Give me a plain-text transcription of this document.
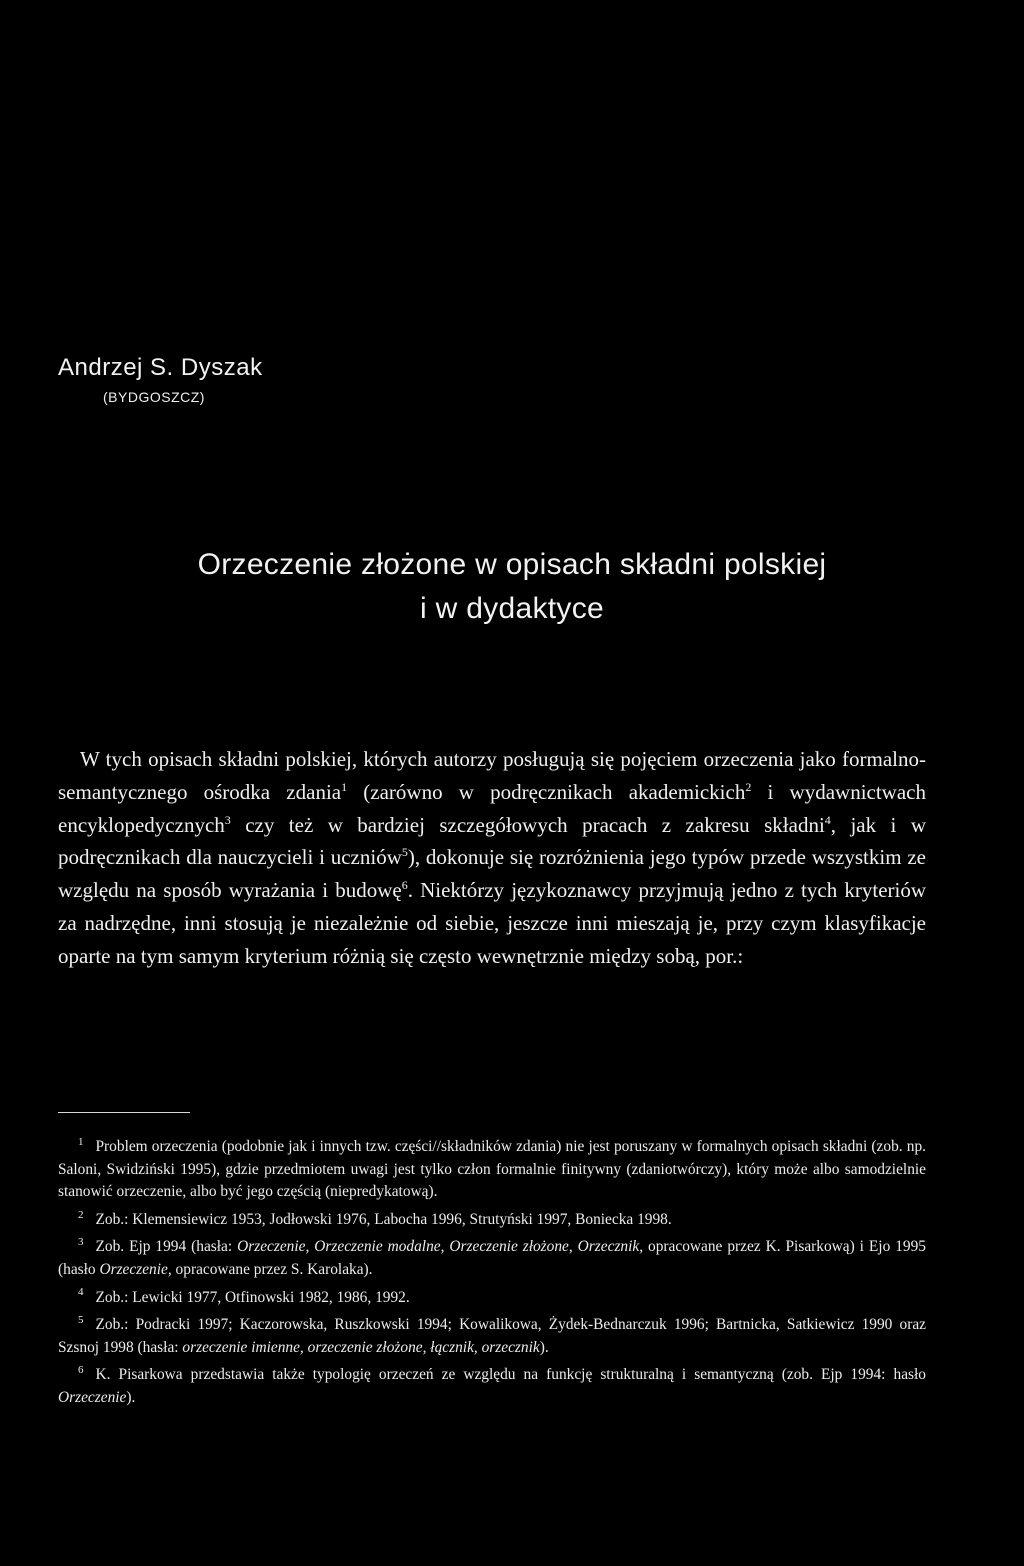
Andrzej S. Dyszak
(BYDGOSZCZ)
Orzeczenie złożone w opisach składni polskiej
i w dydaktyce
W tych opisach składni polskiej, których autorzy posługują się pojęciem orzeczenia jako formalno-semantycznego ośrodka zdania$^1$ (zarówno w podręcznikach akademickich$^2$ i wydawnictwach encyklopedycznych$^3$ czy też w bardziej szczegółowych pracach z zakresu składni$^4$, jak i w podręcznikach dla nauczycieli i uczniów$^5$), dokonuje się rozróżnienia jego typów przede wszystkim ze względu na sposób wyrażania i budowę$^6$. Niektórzy językoznawcy przyjmują jedno z tych kryteriów za nadrzędne, inni stosują je niezależnie od siebie, jeszcze inni mieszają je, przy czym klasyfikacje oparte na tym samym kryterium różnią się często wewnętrznie między sobą, por.:

$^1$ Problem orzeczenia (podobnie jak i innych tzw. części//składników zdania) nie jest poruszany w formalnych opisach składni (zob. np. Saloni, Swidziński 1995), gdzie przedmiotem uwagi jest tylko człon formalnie finitywny (zdaniotwórczy), który może albo samodzielnie stanowić orzeczenie, albo być jego częścią (niepredykatową).

$^2$ Zob.: Klemensiewicz 1953, Jodłowski 1976, Labocha 1996, Strutyński 1997, Boniecka 1998.

$^3$ Zob. Ejp 1994 (hasła: Orzeczenie, Orzeczenie modalne, Orzeczenie złożone, Orzecznik, opracowane przez K. Pisarkową) i Ejo 1995 (hasło Orzeczenie, opracowane przez S. Karolaka).

$^4$ Zob.: Lewicki 1977, Otfinowski 1982, 1986, 1992.

$^5$ Zob.: Podracki 1997; Kaczorowska, Ruszkowski 1994; Kowalikowa, Żydek-Bednarczuk 1996; Bartnicka, Satkiewicz 1990 oraz Szsnoj 1998 (hasła: orzeczenie imienne, orzeczenie złożone, łącznik, orzecznik).

$^6$ K. Pisarkowa przedstawia także typologię orzeczeń ze względu na funkcję strukturalną i semantyczną (zob. Ejp 1994: hasło Orzeczenie).
